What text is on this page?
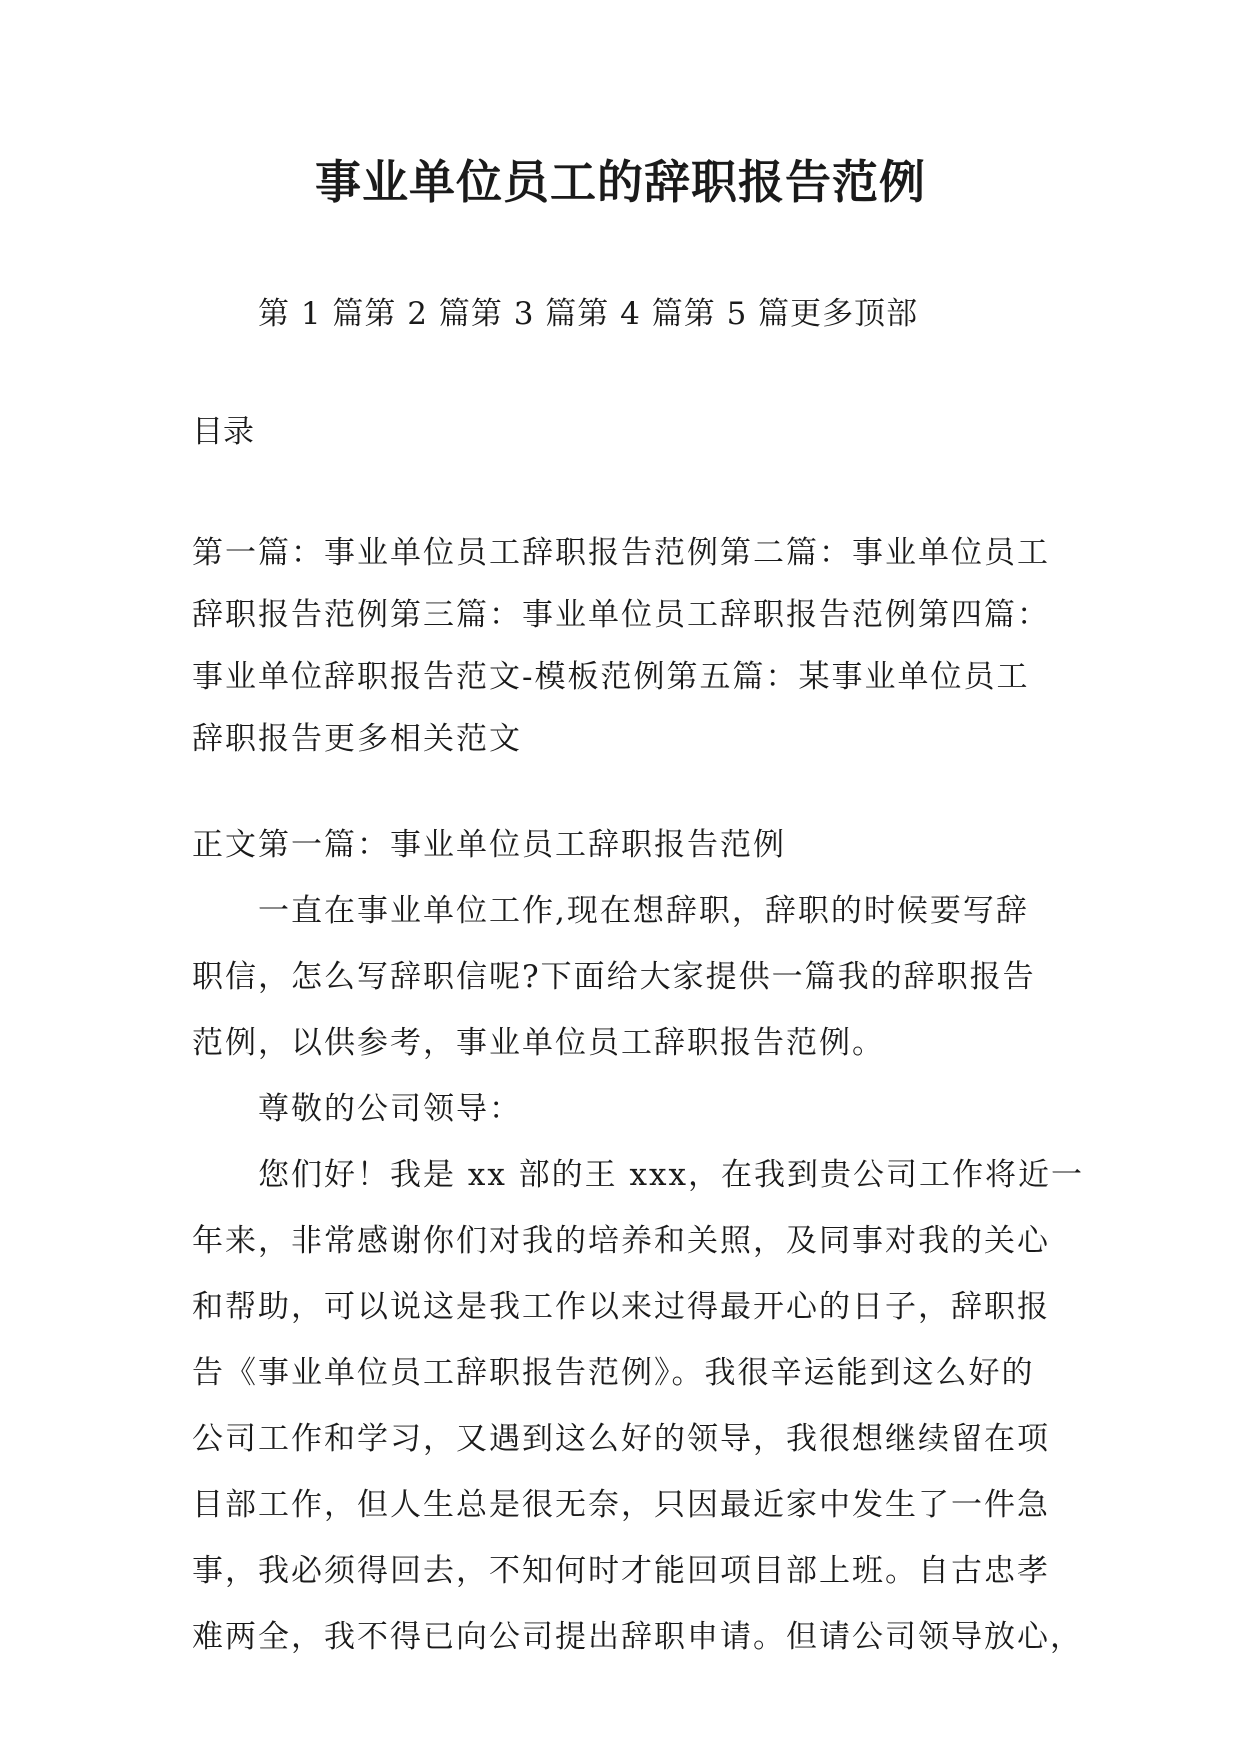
事业单位员工的辞职报告范例
第 1 篇第 2 篇第 3 篇第 4 篇第 5 篇更多顶部
目录
第一篇：事业单位员工辞职报告范例第二篇：事业单位员工
辞职报告范例第三篇：事业单位员工辞职报告范例第四篇：
事业单位辞职报告范文-模板范例第五篇：某事业单位员工
辞职报告更多相关范文
正文第一篇：事业单位员工辞职报告范例
一直在事业单位工作,现在想辞职，辞职的时候要写辞
职信，怎么写辞职信呢?下面给大家提供一篇我的辞职报告
范例，以供参考，事业单位员工辞职报告范例。
尊敬的公司领导：
您们好！我是 xx 部的王 xxx，在我到贵公司工作将近一
年来，非常感谢你们对我的培养和关照，及同事对我的关心
和帮助，可以说这是我工作以来过得最开心的日子，辞职报
告《事业单位员工辞职报告范例》。我很辛运能到这么好的
公司工作和学习，又遇到这么好的领导，我很想继续留在项
目部工作，但人生总是很无奈，只因最近家中发生了一件急
事，我必须得回去，不知何时才能回项目部上班。自古忠孝
难两全，我不得已向公司提出辞职申请。但请公司领导放心，
